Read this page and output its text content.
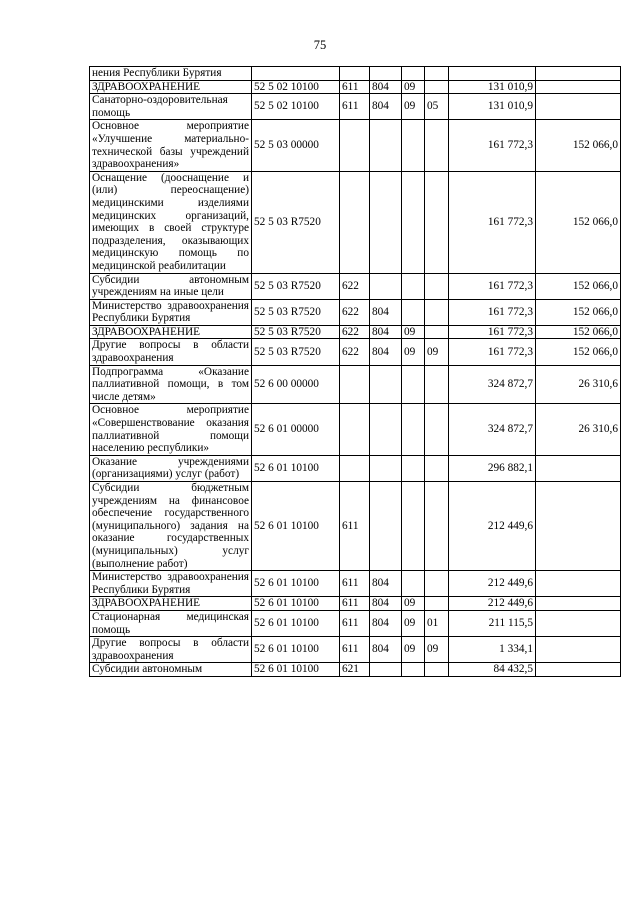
75
нения Республики Бурятия							
ЗДРАВООХРАНЕНИЕ	52 5 02 10100	611	804	09		131 010,9	
Санаторно-оздоровительная помощь	52 5 02 10100	611	804	09	05	131 010,9	
Основное мероприятие «Улучшение материально-технической базы учреждений здравоохранения»	52 5 03 00000					161 772,3	152 066,0
Оснащение (дооснащение и (или) переоснащение) медицинскими изделиями медицинских организаций, имеющих в своей структуре подразделения, оказывающих медицинскую помощь по медицинской реабилитации	52 5 03 R7520					161 772,3	152 066,0
Субсидии автономным учреждениям на иные цели	52 5 03 R7520	622				161 772,3	152 066,0
Министерство здравоохранения Республики Бурятия	52 5 03 R7520	622	804			161 772,3	152 066,0
ЗДРАВООХРАНЕНИЕ	52 5 03 R7520	622	804	09		161 772,3	152 066,0
Другие вопросы в области здравоохранения	52 5 03 R7520	622	804	09	09	161 772,3	152 066,0
Подпрограмма «Оказание паллиативной помощи, в том числе детям»	52 6 00 00000					324 872,7	26 310,6
Основное мероприятие «Совершенствование оказания паллиативной помощи населению республики»	52 6 01 00000					324 872,7	26 310,6
Оказание учреждениями (организациями) услуг (работ)	52 6 01 10100					296 882,1	
Субсидии бюджетным учреждениям на финансовое обеспечение государственного (муниципального) задания на оказание государственных (муниципальных) услуг (выполнение работ)	52 6 01 10100	611				212 449,6	
Министерство здравоохранения Республики Бурятия	52 6 01 10100	611	804			212 449,6	
ЗДРАВООХРАНЕНИЕ	52 6 01 10100	611	804	09		212 449,6	
Стационарная медицинская помощь	52 6 01 10100	611	804	09	01	211 115,5	
Другие вопросы в области здравоохранения	52 6 01 10100	611	804	09	09	1 334,1	
Субсидии автономным	52 6 01 10100	621				84 432,5	
